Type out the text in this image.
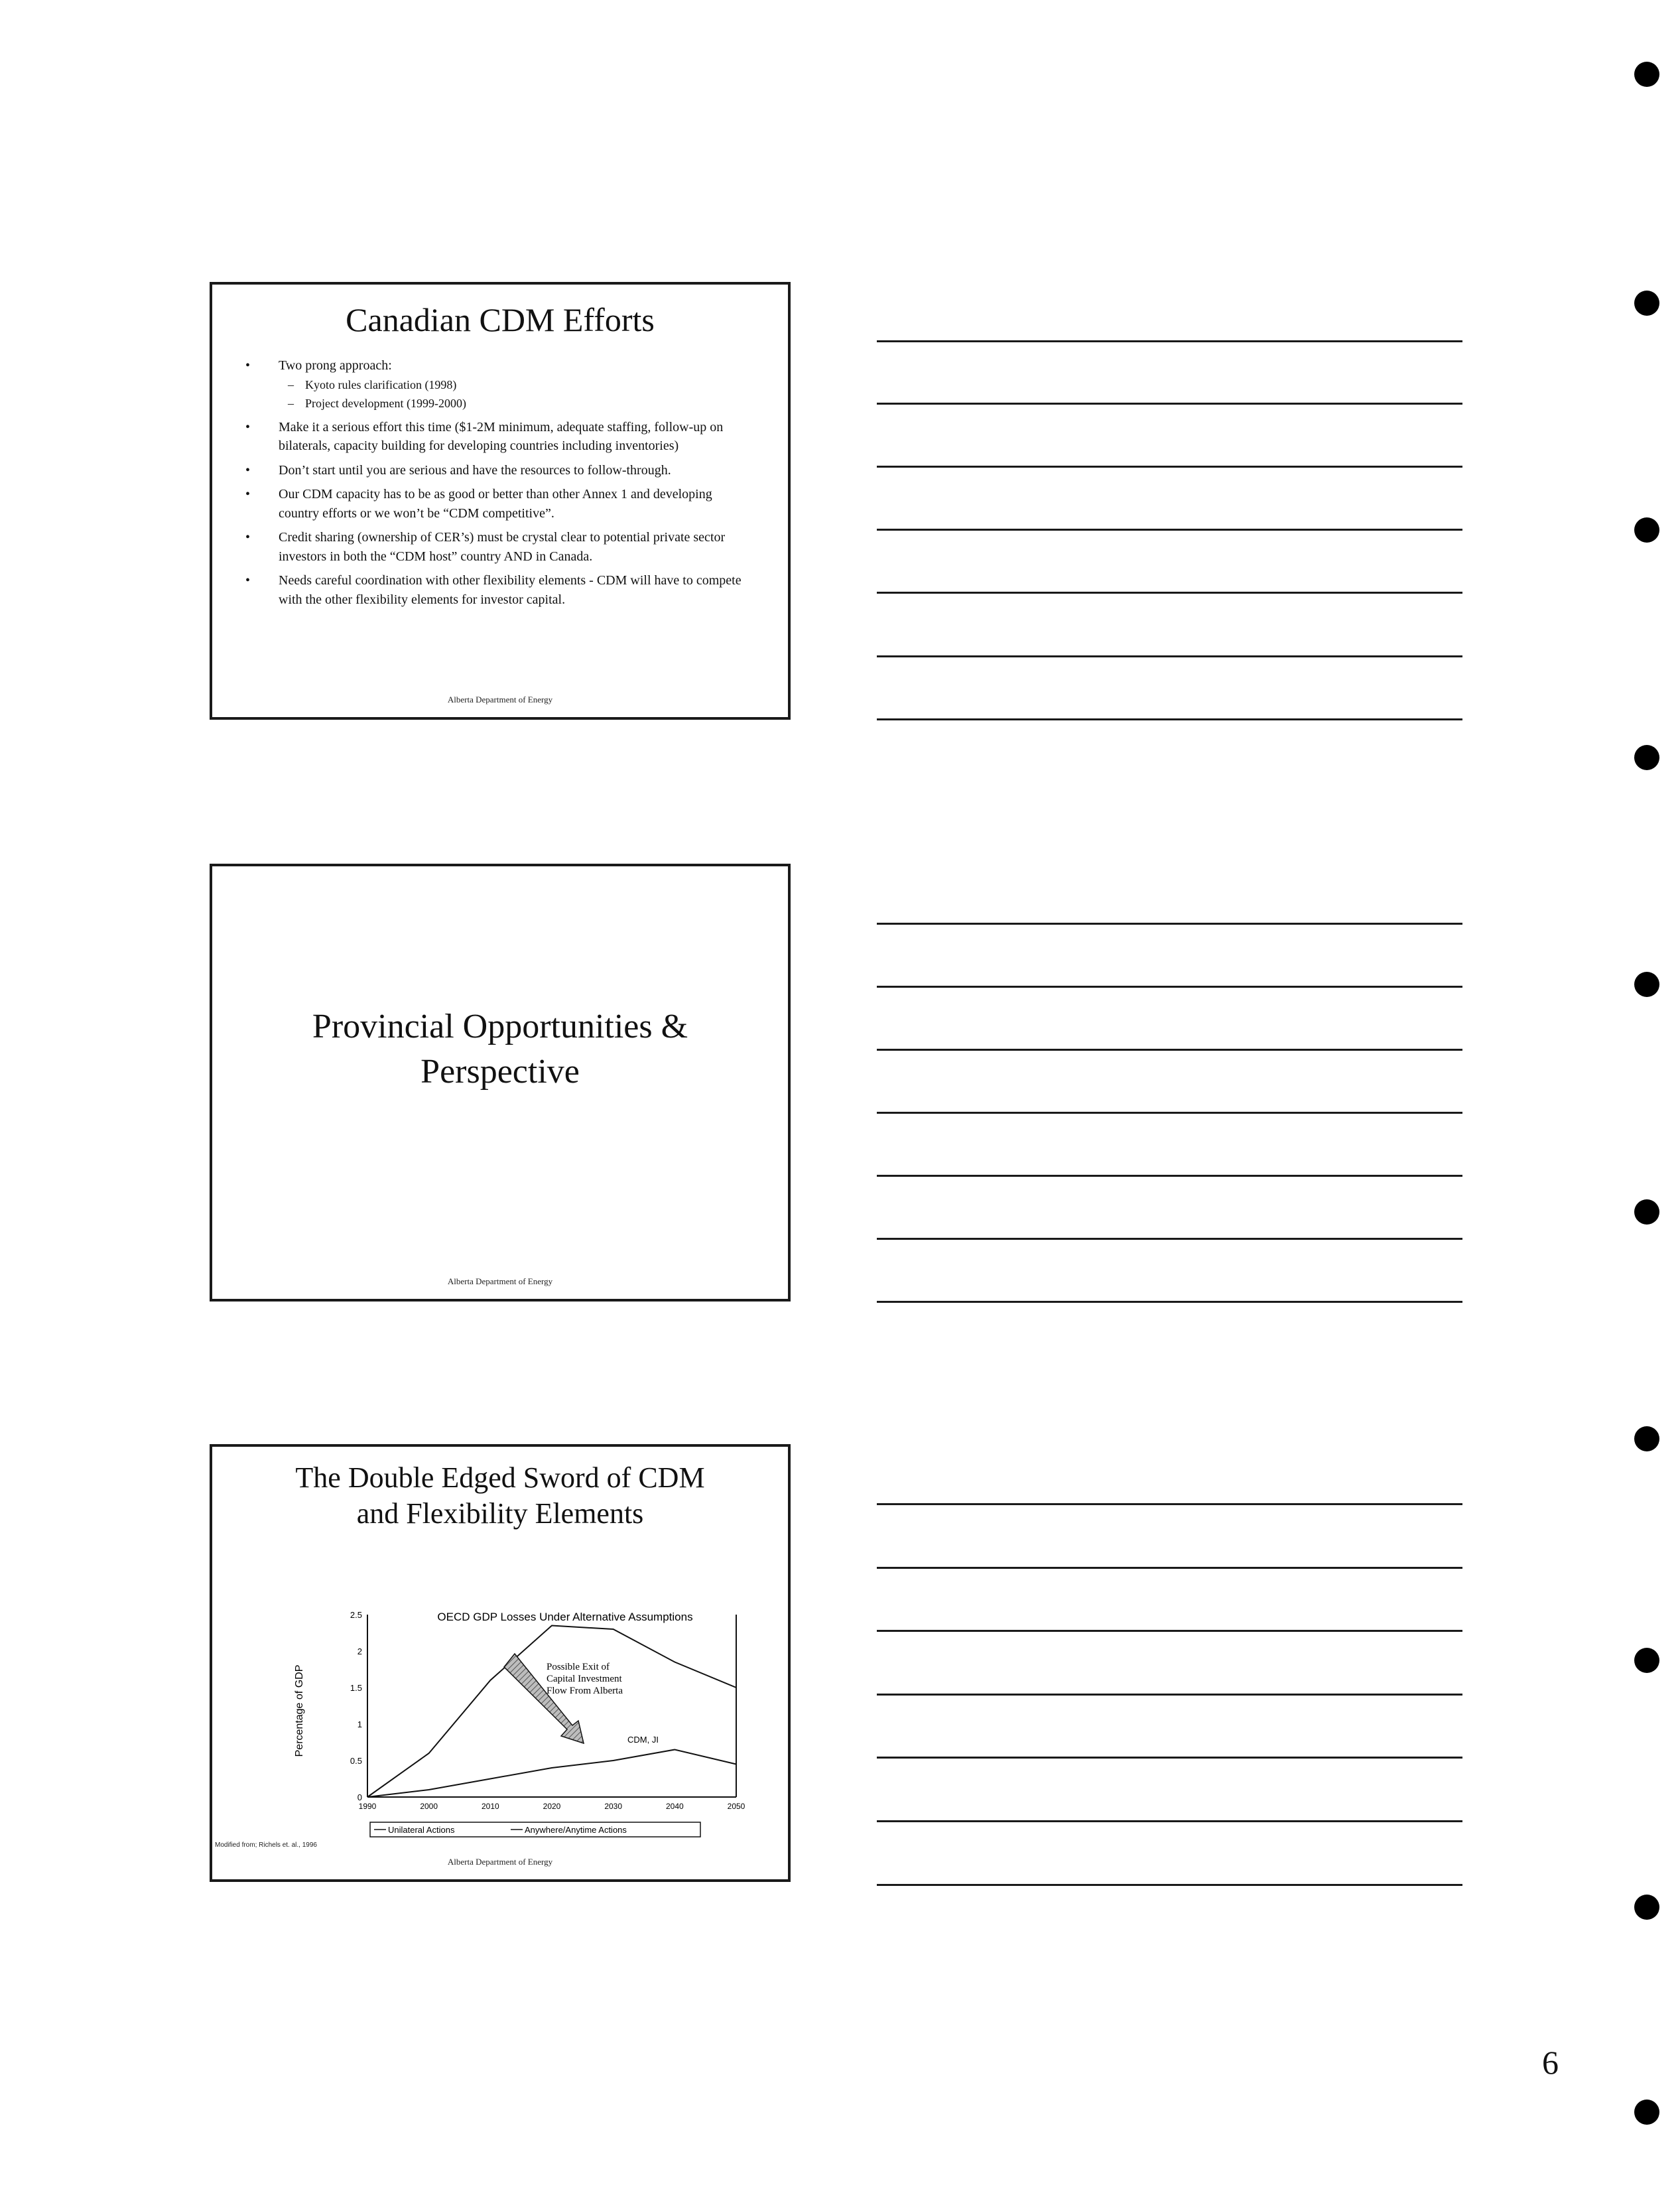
Canadian CDM Efforts
• Two prong approach:
– Kyoto rules clarification (1998)
– Project development (1999-2000)
• Make it a serious effort this time ($1-2M minimum, adequate staffing, follow-up on bilaterals, capacity building for developing countries including inventories)
• Don’t start until you are serious and have the resources to follow-through.
• Our CDM capacity has to be as good or better than other Annex 1 and developing country efforts or we won’t be “CDM competitive”.
• Credit sharing (ownership of CER’s) must be crystal clear to potential private sector investors in both the “CDM host” country AND in Canada.
• Needs careful coordination with other flexibility elements - CDM will have to compete with the other flexibility elements for investor capital.
Alberta Department of Energy
Provincial Opportunities &
Perspective
Alberta Department of Energy
The Double Edged Sword of CDM
and Flexibility Elements
OECD GDP Losses Under Alternative Assumptions
Percentage of GDP
0
0.5
1
1.5
2
2.5
1990	2000	2010	2020	2030	2040	2050
Possible Exit of
Capital Investment
Flow From Alberta
CDM, JI
Unilateral Actions	Anywhere/Anytime Actions
Modified from; Richels et. al., 1996
Alberta Department of Energy
6
